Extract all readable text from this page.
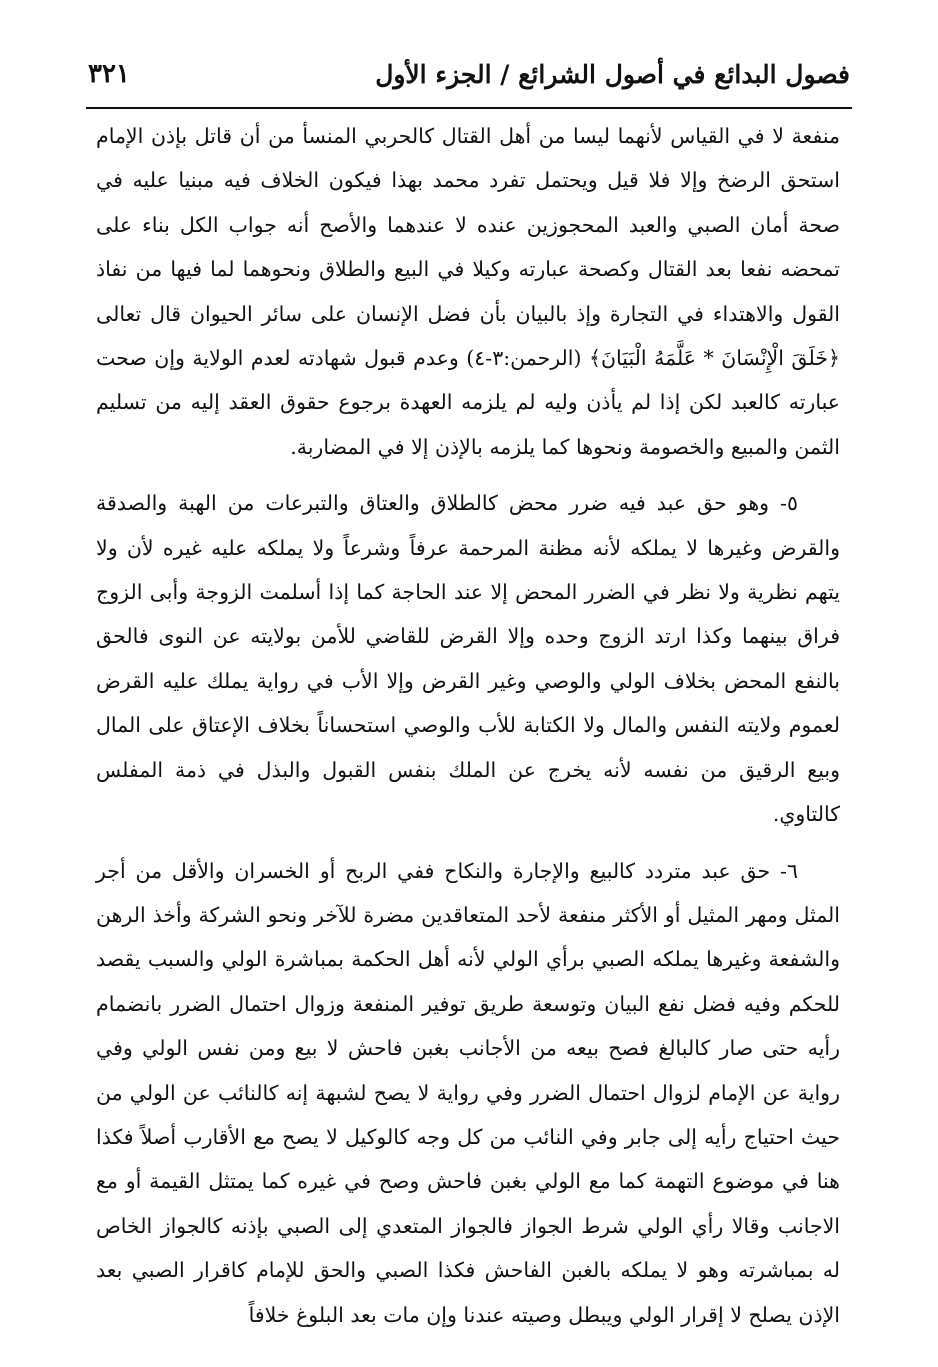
فصول البدائع في أصول الشرائع / الجزء الأول
٣٢١

منفعة لا في القياس لأنهما ليسا من أهل القتال كالحربي المنسأ من أن قاتل بإذن الإمام استحق الرضخ وإلا فلا قيل ويحتمل تفرد محمد بهذا فيكون الخلاف فيه مبنيا عليه في صحة أمان الصبي والعبد المحجوزين عنده لا عندهما والأصح أنه جواب الكل بناء على تمحضه نفعا بعد القتال وكصحة عبارته وكيلا في البيع والطلاق ونحوهما لما فيها من نفاذ القول والاهتداء في التجارة وإذ بالبيان بأن فضل الإنسان على سائر الحيوان قال تعالى ﴿خَلَقَ الْإِنْسَانَ * عَلَّمَهُ الْبَيَانَ﴾ (الرحمن:٣-٤) وعدم قبول شهادته لعدم الولاية وإن صحت عبارته كالعبد لكن إذا لم يأذن وليه لم يلزمه العهدة برجوع حقوق العقد إليه من تسليم الثمن والمبيع والخصومة ونحوها كما يلزمه بالإذن إلا في المضاربة.

٥- وهو حق عبد فيه ضرر محض كالطلاق والعتاق والتبرعات من الهبة والصدقة والقرض وغيرها لا يملكه لأنه مظنة المرحمة عرفاً وشرعاً ولا يملكه عليه غيره لأن ولا يتهم نظرية ولا نظر في الضرر المحض إلا عند الحاجة كما إذا أسلمت الزوجة وأبى الزوج فراق بينهما وكذا ارتد الزوج وحده وإلا القرض للقاضي للأمن بولايته عن النوى فالحق بالنفع المحض بخلاف الولي والوصي وغير القرض وإلا الأب في رواية يملك عليه القرض لعموم ولايته النفس والمال ولا الكتابة للأب والوصي استحساناً بخلاف الإعتاق على المال وبيع الرقيق من نفسه لأنه يخرج عن الملك بنفس القبول والبذل في ذمة المفلس كالتاوي.

٦- حق عبد متردد كالبيع والإجارة والنكاح ففي الربح أو الخسران والأقل من أجر المثل ومهر المثيل أو الأكثر منفعة لأحد المتعاقدين مضرة للآخر ونحو الشركة وأخذ الرهن والشفعة وغيرها يملكه الصبي برأي الولي لأنه أهل الحكمة بمباشرة الولي والسبب يقصد للحكم وفيه فضل نفع البيان وتوسعة طريق توفير المنفعة وزوال احتمال الضرر بانضمام رأيه حتى صار كالبالغ فصح بيعه من الأجانب بغبن فاحش لا بيع ومن نفس الولي وفي رواية عن الإمام لزوال احتمال الضرر وفي رواية لا يصح لشبهة إنه كالنائب عن الولي من حيث احتياج رأيه إلى جابر وفي النائب من كل وجه كالوكيل لا يصح مع الأقارب أصلاً فكذا هنا في موضوع التهمة كما مع الولي بغبن فاحش وصح في غيره كما يمتثل القيمة أو مع الاجانب وقالا رأي الولي شرط الجواز فالجواز المتعدي إلى الصبي بإذنه كالجواز الخاص له بمباشرته وهو لا يملكه بالغبن الفاحش فكذا الصبي والحق للإمام كاقرار الصبي بعد الإذن يصلح لا إقرار الولي ويبطل وصيته عندنا وإن مات بعد البلوغ خلافاً
